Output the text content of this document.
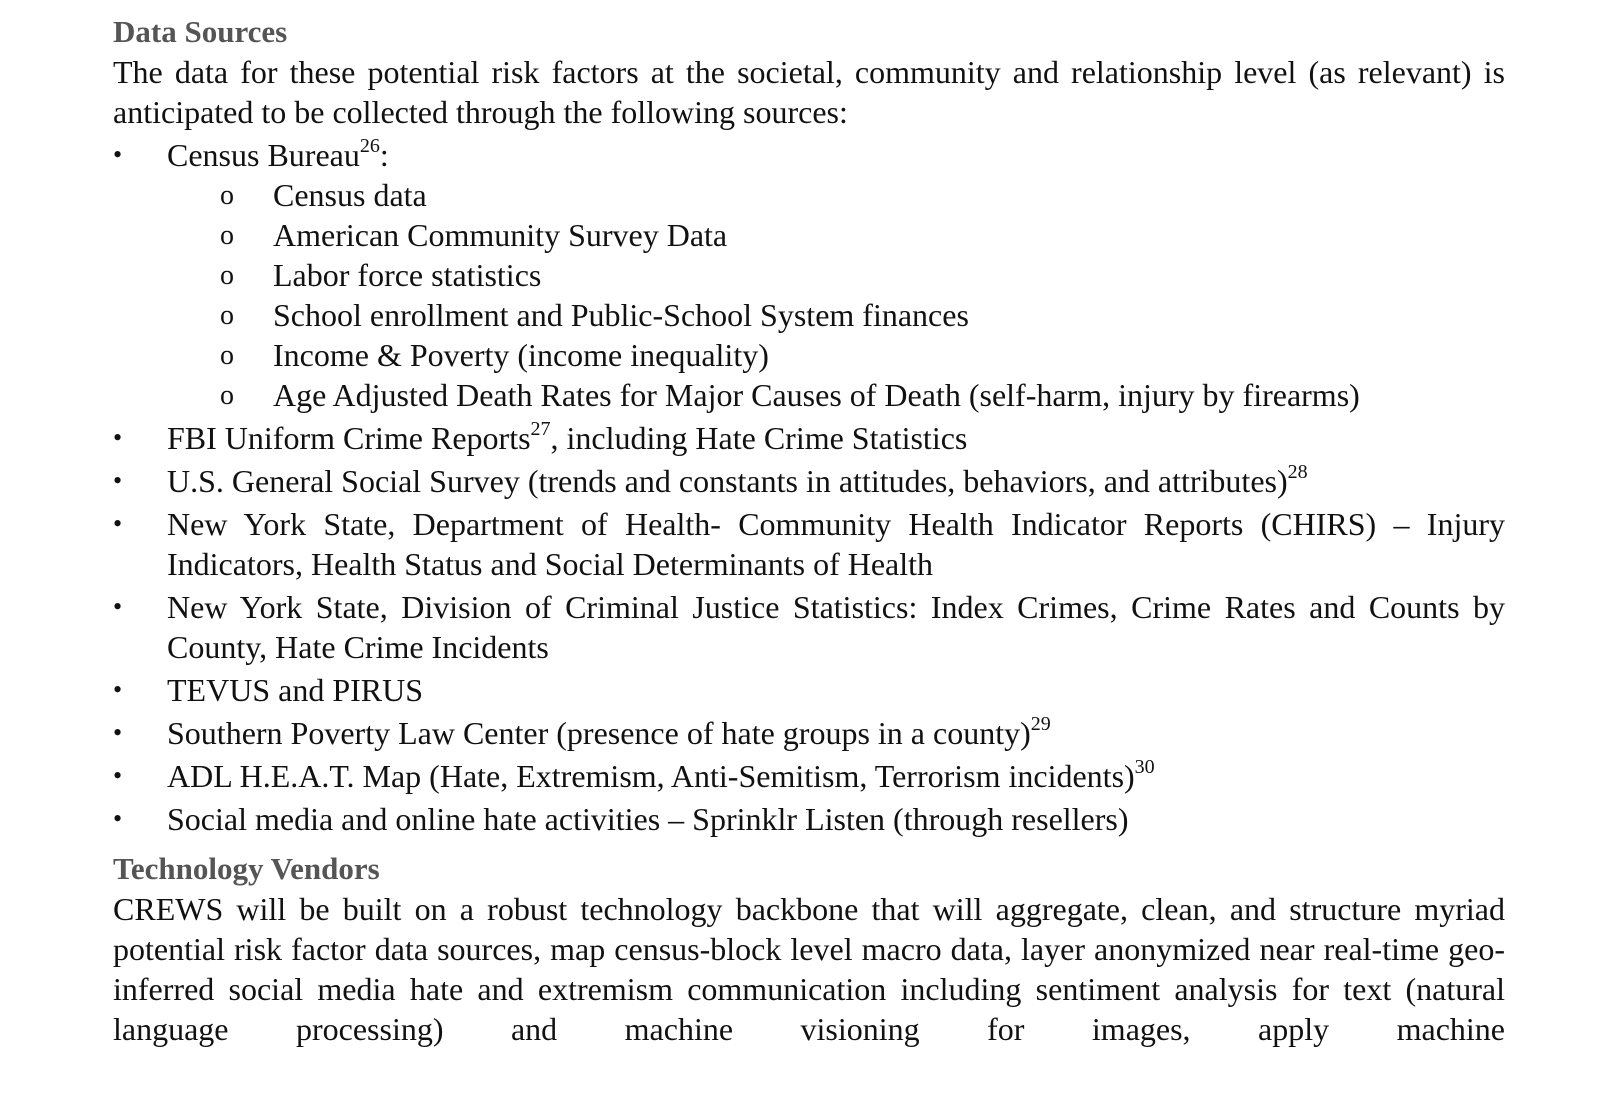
Data Sources

The data for these potential risk factors at the societal, community and relationship level (as relevant) is anticipated to be collected through the following sources:

•	Census Bureau$^{26}$:
o Census data
o American Community Survey Data
o Labor force statistics
o School enrollment and Public-School System finances
o Income & Poverty (income inequality)
o Age Adjusted Death Rates for Major Causes of Death (self-harm, injury by firearms)
•	FBI Uniform Crime Reports$^{27}$, including Hate Crime Statistics
•	U.S. General Social Survey (trends and constants in attitudes, behaviors, and attributes)$^{28}$
•	New York State, Department of Health- Community Health Indicator Reports (CHIRS) – Injury Indicators, Health Status and Social Determinants of Health
•	New York State, Division of Criminal Justice Statistics: Index Crimes, Crime Rates and Counts by County, Hate Crime Incidents
•	TEVUS and PIRUS
•	Southern Poverty Law Center (presence of hate groups in a county)$^{29}$
•	ADL H.E.A.T. Map (Hate, Extremism, Anti-Semitism, Terrorism incidents)$^{30}$
•	Social media and online hate activities – Sprinklr Listen (through resellers)
Technology Vendors

CREWS will be built on a robust technology backbone that will aggregate, clean, and structure myriad potential risk factor data sources, map census-block level macro data, layer anonymized near real-time geo-inferred social media hate and extremism communication including sentiment analysis for text (natural language processing) and machine visioning for images, apply machine
